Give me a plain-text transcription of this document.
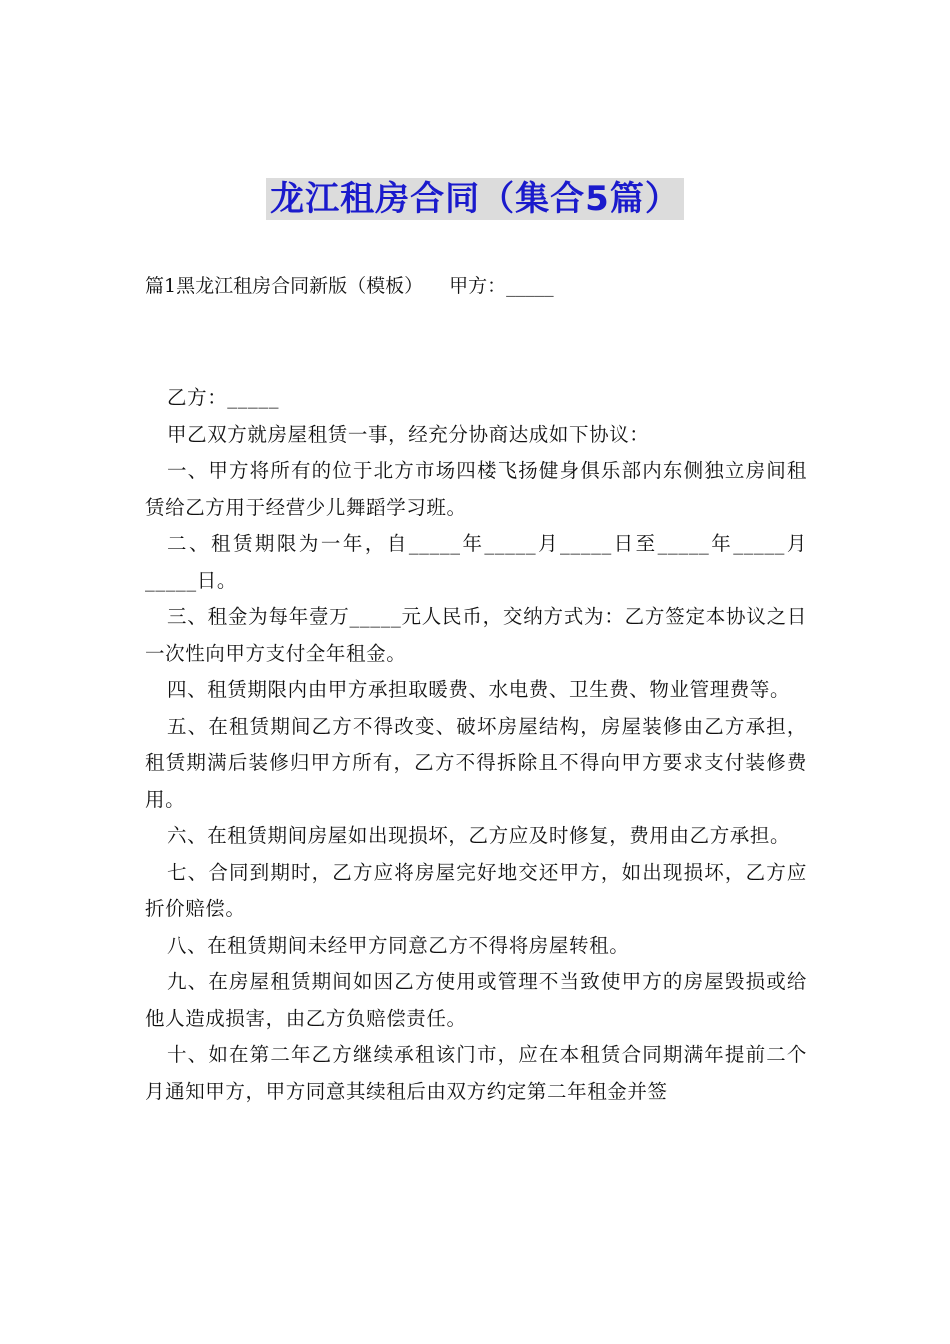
龙江租房合同（集合5篇）
篇1黑龙江租房合同新版（模板） 甲方：_____

乙方：_____

甲乙双方就房屋租赁一事，经充分协商达成如下协议：

一、甲方将所有的位于北方市场四楼飞扬健身俱乐部内东侧独立房间租赁给乙方用于经营少儿舞蹈学习班。

二、租赁期限为一年，自_____年_____月_____日至_____年_____月_____日。

三、租金为每年壹万_____元人民币，交纳方式为：乙方签定本协议之日一次性向甲方支付全年租金。

四、租赁期限内由甲方承担取暖费、水电费、卫生费、物业管理费等。

五、在租赁期间乙方不得改变、破坏房屋结构，房屋装修由乙方承担，租赁期满后装修归甲方所有，乙方不得拆除且不得向甲方要求支付装修费用。

六、在租赁期间房屋如出现损坏，乙方应及时修复，费用由乙方承担。

七、合同到期时，乙方应将房屋完好地交还甲方，如出现损坏，乙方应折价赔偿。

八、在租赁期间未经甲方同意乙方不得将房屋转租。

九、在房屋租赁期间如因乙方使用或管理不当致使甲方的房屋毁损或给他人造成损害，由乙方负赔偿责任。

十、如在第二年乙方继续承租该门市，应在本租赁合同期满年提前二个月通知甲方，甲方同意其续租后由双方约定第二年租金并签
